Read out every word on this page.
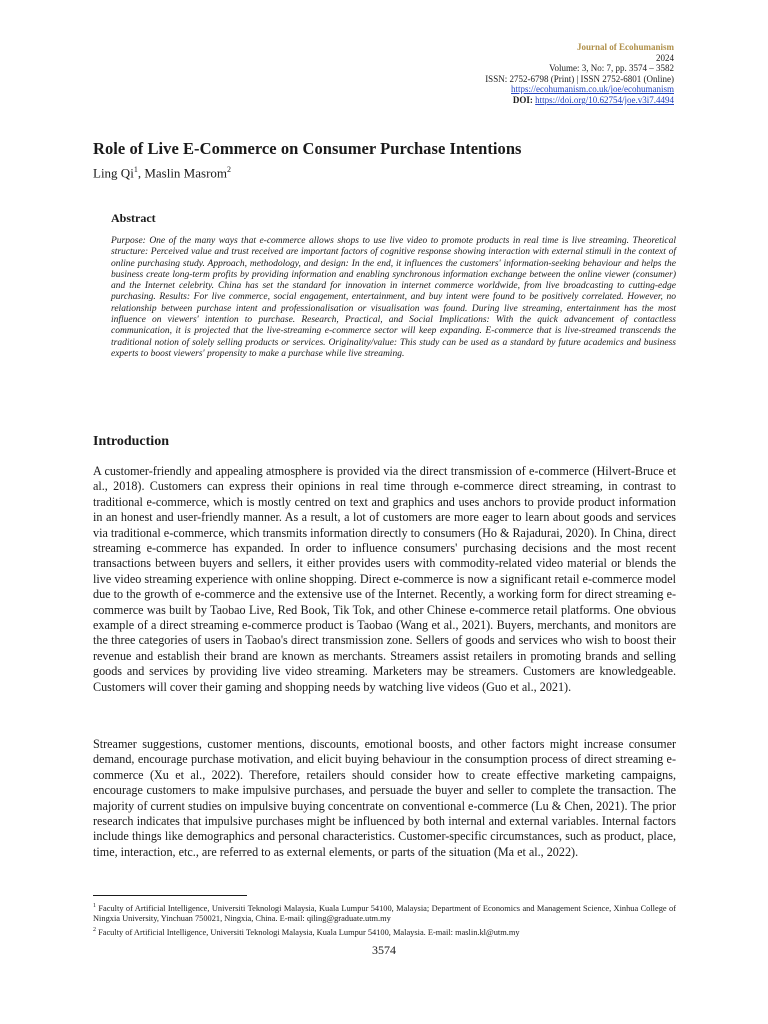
Journal of Ecohumanism
2024
Volume: 3, No: 7, pp. 3574 – 3582
ISSN: 2752-6798 (Print) | ISSN 2752-6801 (Online)
https://ecohumanism.co.uk/joe/ecohumanism
DOI: https://doi.org/10.62754/joe.v3i7.4494
Role of Live E-Commerce on Consumer Purchase Intentions
Ling Qi$^1$, Maslin Masrom$^2$
Abstract
Purpose: One of the many ways that e-commerce allows shops to use live video to promote products in real time is live streaming. Theoretical structure: Perceived value and trust received are important factors of cognitive response showing interaction with external stimuli in the context of online purchasing study. Approach, methodology, and design: In the end, it influences the customers' information-seeking behaviour and helps the business create long-term profits by providing information and enabling synchronous information exchange between the online viewer (consumer) and the Internet celebrity. China has set the standard for innovation in internet commerce worldwide, from live broadcasting to cutting-edge purchasing. Results: For live commerce, social engagement, entertainment, and buy intent were found to be positively correlated. However, no relationship between purchase intent and professionalisation or visualisation was found. During live streaming, entertainment has the most influence on viewers' intention to purchase. Research, Practical, and Social Implications: With the quick advancement of contactless communication, it is projected that the live-streaming e-commerce sector will keep expanding. E-commerce that is live-streamed transcends the traditional notion of solely selling products or services. Originality/value: This study can be used as a standard by future academics and business experts to boost viewers' propensity to make a purchase while live streaming.
Introduction
A customer-friendly and appealing atmosphere is provided via the direct transmission of e-commerce (Hilvert-Bruce et al., 2018). Customers can express their opinions in real time through e-commerce direct streaming, in contrast to traditional e-commerce, which is mostly centred on text and graphics and uses anchors to provide product information in an honest and user-friendly manner. As a result, a lot of customers are more eager to learn about goods and services via traditional e-commerce, which transmits information directly to consumers (Ho & Rajadurai, 2020). In China, direct streaming e-commerce has expanded. In order to influence consumers' purchasing decisions and the most recent transactions between buyers and sellers, it either provides users with commodity-related video material or blends the live video streaming experience with online shopping. Direct e-commerce is now a significant retail e-commerce model due to the growth of e-commerce and the extensive use of the Internet. Recently, a working form for direct streaming e-commerce was built by Taobao Live, Red Book, Tik Tok, and other Chinese e-commerce retail platforms. One obvious example of a direct streaming e-commerce product is Taobao (Wang et al., 2021). Buyers, merchants, and monitors are the three categories of users in Taobao's direct transmission zone. Sellers of goods and services who wish to boost their revenue and establish their brand are known as merchants. Streamers assist retailers in promoting brands and selling goods and services by providing live video streaming. Marketers may be streamers. Customers are knowledgeable. Customers will cover their gaming and shopping needs by watching live videos (Guo et al., 2021).
Streamer suggestions, customer mentions, discounts, emotional boosts, and other factors might increase consumer demand, encourage purchase motivation, and elicit buying behaviour in the consumption process of direct streaming e-commerce (Xu et al., 2022). Therefore, retailers should consider how to create effective marketing campaigns, encourage customers to make impulsive purchases, and persuade the buyer and seller to complete the transaction. The majority of current studies on impulsive buying concentrate on conventional e-commerce (Lu & Chen, 2021). The prior research indicates that impulsive purchases might be influenced by both internal and external variables. Internal factors include things like demographics and personal characteristics. Customer-specific circumstances, such as product, place, time, interaction, etc., are referred to as external elements, or parts of the situation (Ma et al., 2022).

$^1$ Faculty of Artificial Intelligence, Universiti Teknologi Malaysia, Kuala Lumpur 54100, Malaysia; Department of Economics and Management Science, Xinhua College of Ningxia University, Yinchuan 750021, Ningxia, China. E-mail: qiling@graduate.utm.my

$^2$ Faculty of Artificial Intelligence, Universiti Teknologi Malaysia, Kuala Lumpur 54100, Malaysia. E-mail: maslin.kl@utm.my

3574
